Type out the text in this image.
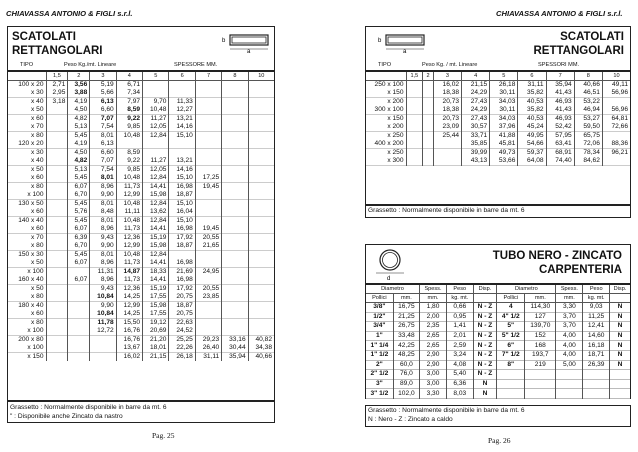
CHIAVASSA ANTONIO & FIGLI s.r.l.	CHIAVASSA ANTONIO & FIGLI s.r.l.
SCATOLATI
RETTANGOLARI
b
a
TIPO	Peso Kg./mt. Lineare	SPESSORE MM.
	1,5	2	3	4	5	6	7	8	10
100 x 20	2,71	3,56	5,19	6,71					
x 30	2,95	3,88	5,66	7,34					
x 40	3,18	4,19	6,13	7,97	9,70	11,33			
x 50		4,50	6,60	8,59	10,48	12,27			
x 60		4,82	7,07	9,22	11,27	13,21			
x 70		5,13	7,54	9,85	12,05	14,16			
x 80		5,45	8,01	10,48	12,84	15,10			
120 x 20		4,19	6,13						
x 30		4,50	6,60	8,59					
x 40		4,82	7,07	9,22	11,27	13,21			
x 50		5,13	7,54	9,85	12,05	14,16			
x 60		5,45	8,01	10,48	12,84	15,10	17,25		
x 80		6,07	8,96	11,73	14,41	16,98	19,45		
x 100		6,70	9,90	12,99	15,98	18,87			
130 x 50		5,45	8,01	10,48	12,84	15,10			
x 60		5,76	8,48	11,11	13,62	16,04			
140 x 40		5,45	8,01	10,48	12,84	15,10			
x 60		6,07	8,96	11,73	14,41	16,98	19,45		
x 70		6,39	9,43	12,36	15,19	17,92	20,55		
x 80		6,70	9,90	12,99	15,98	18,87	21,65		
150 x 30		5,45	8,01	10,48	12,84				
x 50		6,07	8,96	11,73	14,41	16,98			
x 100			11,31	14,87	18,33	21,69	24,95		
160 x 40		6,07	8,96	11,73	14,41	16,98			
x 50			9,43	12,36	15,19	17,92	20,55		
x 80			10,84	14,25	17,55	20,75	23,85		
180 x 40			9,90	12,99	15,98	18,87			
x 60			10,84	14,25	17,55	20,75			
x 80			11,78	15,50	19,12	22,63			
x 100			12,72	16,76	20,69	24,52			
200 x 80				16,76	21,20	25,25	29,23	33,16	40,82
x 100				13,67	18,01	22,26	26,40	30,44	34,38
x 150				16,02	21,15	26,18	31,11	35,94	40,66
Grassetto : Normalmente disponibile in barre da mt. 6
" : Disponibile anche Zincato da nastro
Pag. 25
b
a
SCATOLATI
RETTANGOLARI
TIPO	Peso Kg. / mt. Lineare	SPESSORI MM.
	1,5	2	3	4	5	6	7	8	10
250 x 100			16,02	21,15	26,18	31,11	35,94	40,66	49,11
x 150			18,38	24,29	30,11	35,82	41,43	46,51	56,96
x 200			20,73	27,43	34,03	40,53	46,93	53,22	
300 x 100			18,38	24,29	30,11	35,82	41,43	46,94	56,96
x 150			20,73	27,43	34,03	40,53	46,93	53,27	64,81
x 200			23,09	30,57	37,96	45,24	52,42	59,50	72,66
x 250			25,44	33,71	41,88	49,95	57,95	65,75	
400 x 200				35,85	45,81	54,66	63,41	72,06	88,36
x 250				39,99	49,73	59,37	68,91	78,34	96,21
x 300				43,13	53,66	64,08	74,40	84,62	
Grassetto : Normalmente disponibile in barre da mt. 6
d
TUBO NERO - ZINCATO
CARPENTERIA
Diametro		Spess.	Peso	Disp.	Diametro		Spess.	Peso	Disp.
Pollici	mm.	mm.	kg. mt.		Pollici	mm.	mm.	kg. mt.	
3/8"	16,75	1,80	0,66	N - Z	4	114,30	3,30	9,03	N
1/2"	21,25	2,00	0,95	N - Z	4" 1/2	127	3,70	11,25	N
3/4"	26,75	2,35	1,41	N - Z	5"	139,70	3,70	12,41	N
1"	33,48	2,65	2,01	N - Z	5" 1/2	152	4,00	14,60	N
1" 1/4	42,25	2,65	2,59	N - Z	6"	168	4,00	16,18	N
1" 1/2	48,25	2,90	3,24	N - Z	7" 1/2	193,7	4,00	18,71	N
2"	60,0	2,90	4,08	N - Z	8"	219	5,00	26,39	N
2" 1/2	76,0	3,00	5,40	N - Z					
3"	89,0	3,00	6,36	N					
3" 1/2	102,0	3,30	8,03	N					
Grassetto : Normalmente disponibile in barre da mt. 6
N : Nero - Z : Zincato a caldo
Pag. 26
